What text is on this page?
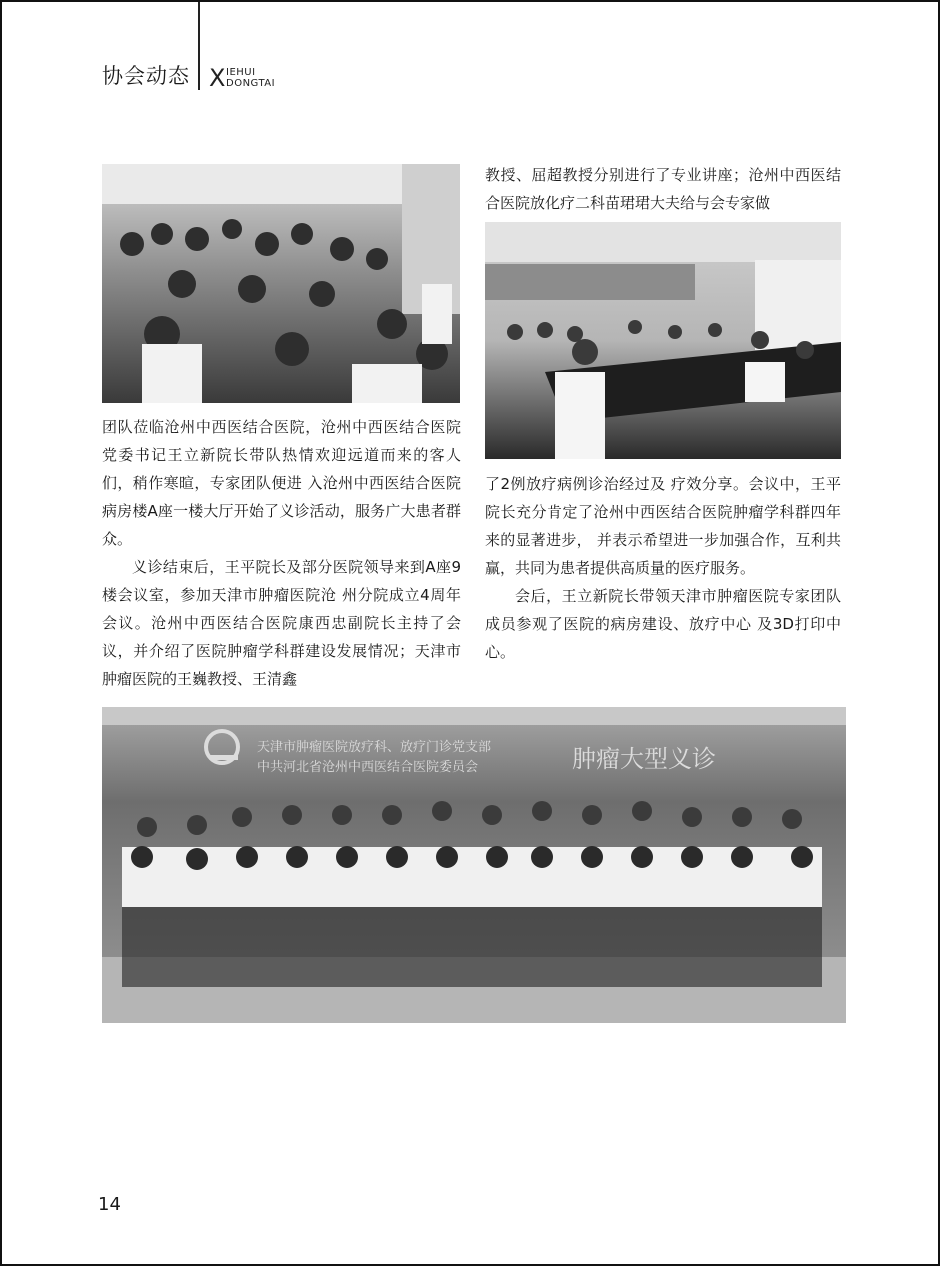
协会动态 X IEHUI
DONGTAI

团队莅临沧州中西医结合医院，沧州中西医结合医院党委书记王立新院长带队热情欢迎远道而来的客人们，稍作寒暄，专家团队便进 入沧州中西医结合医院病房楼A座一楼大厅开始了义诊活动，服务广大患者群众。

义诊结束后，王平院长及部分医院领导来到A座9楼会议室，参加天津市肿瘤医院沧 州分院成立4周年会议。沧州中西医结合医院康西忠副院长主持了会议，并介绍了医院肿瘤学科群建设发展情况；天津市肿瘤医院的王巍教授、王清鑫

教授、屈超教授分别进行了专业讲座；沧州中西医结合医院放化疗二科苗珺珺大夫给与会专家做

了2例放疗病例诊治经过及 疗效分享。会议中，王平院长充分肯定了沧州中西医结合医院肿瘤学科群四年来的显著进步， 并表示希望进一步加强合作，互利共赢，共同为患者提供高质量的医疗服务。

会后，王立新院长带领天津市肿瘤医院专家团队成员参观了医院的病房建设、放疗中心 及3D打印中心。

天津市肿瘤医院放疗科、放疗门诊党支部
中共河北省沧州中西医结合医院委员会	肿瘤大型义诊
14
